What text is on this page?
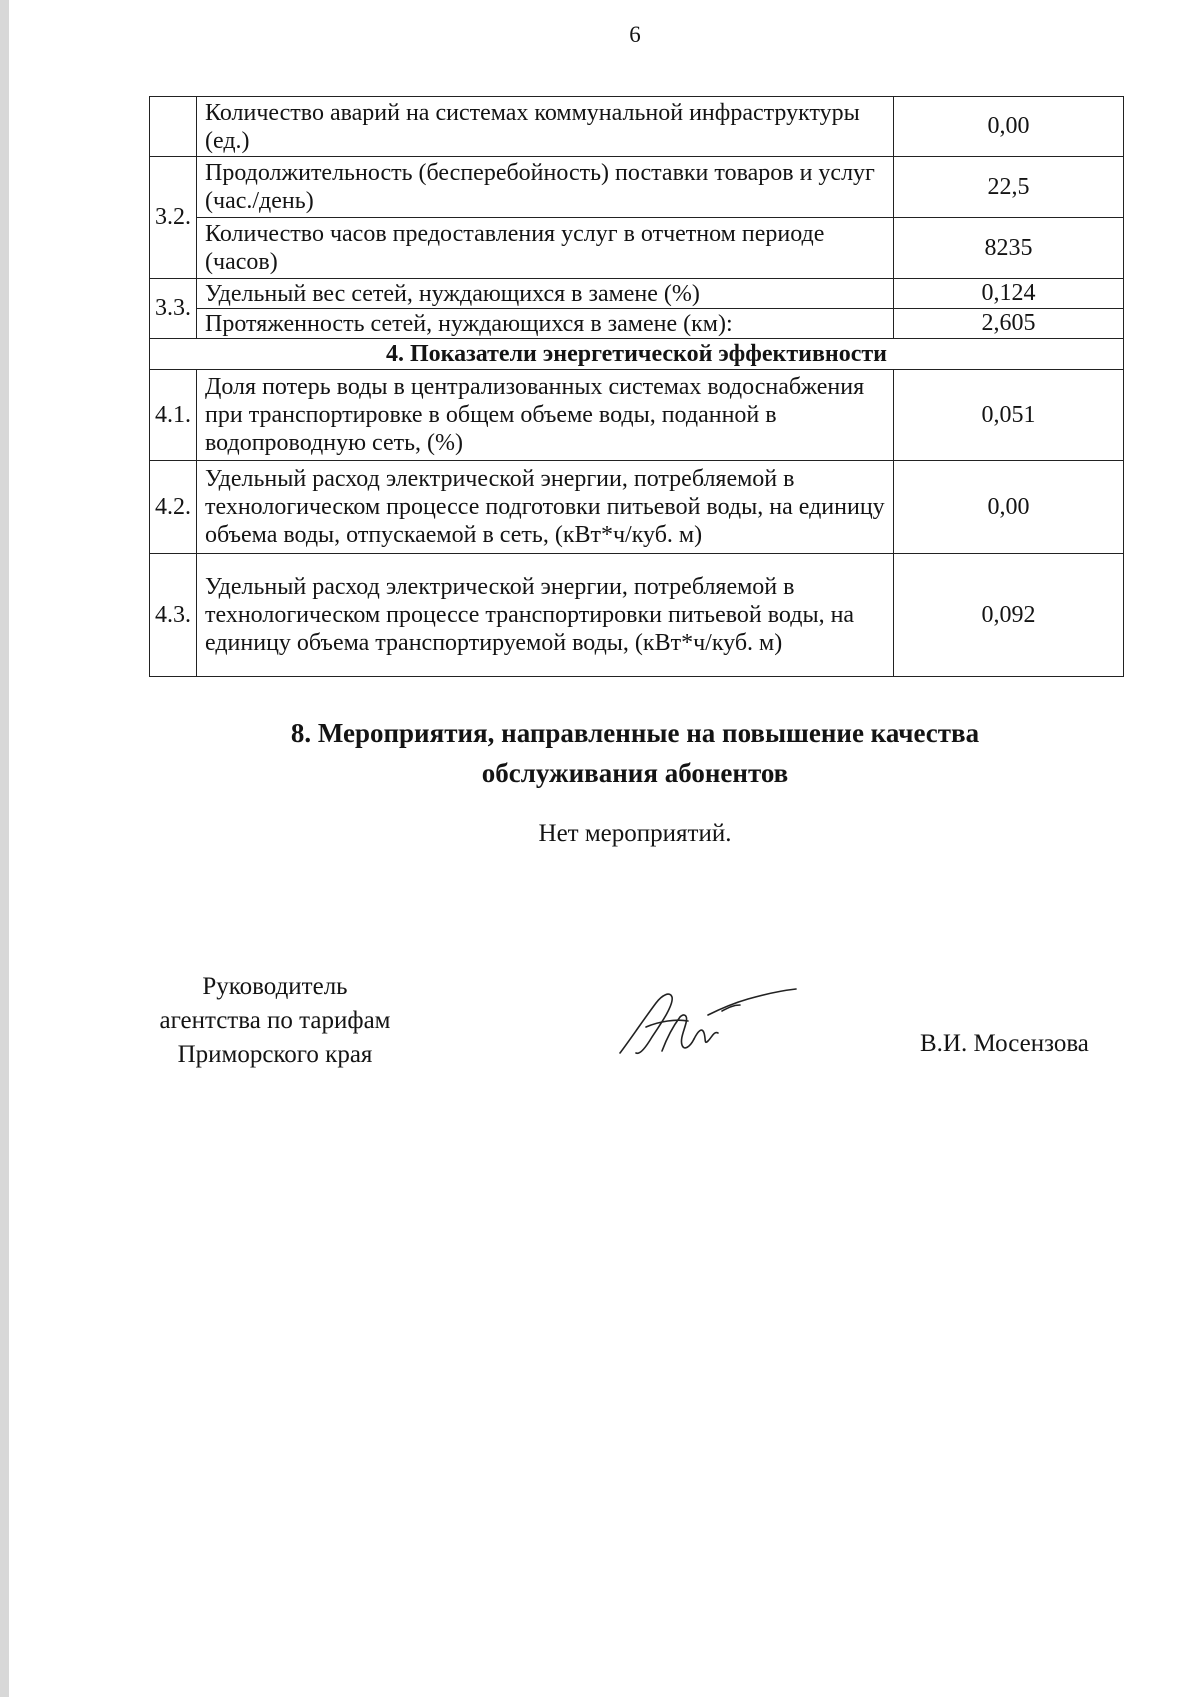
6
	Количество аварий на системах коммунальной инфраструктуры (ед.)	0,00
3.2.	Продолжительность (бесперебойность) поставки товаров и услуг (час./день)	22,5
	Количество часов предоставления услуг в отчетном периоде (часов)	8235
3.3.	Удельный вес сетей, нуждающихся в замене (%)	0,124
	Протяженность сетей, нуждающихся в замене (км):	2,605
4. Показатели энергетической эффективности		
4.1.	Доля потерь воды в централизованных системах водоснабжения при транспортировке в общем объеме воды, поданной в водопроводную сеть, (%)	0,051
4.2.	Удельный расход электрической энергии, потребляемой в технологическом процессе подготовки питьевой воды, на единицу объема воды, отпускаемой в сеть, (кВт*ч/куб. м)	0,00
4.3.	Удельный расход электрической энергии, потребляемой в технологическом процессе транспортировки питьевой воды, на единицу объема транспортируемой воды, (кВт*ч/куб. м)	0,092
8. Мероприятия, направленные на повышение качества
обслуживания абонентов
Нет мероприятий.
Руководитель
агентства по тарифам
Приморского края	В.И. Мосензова
